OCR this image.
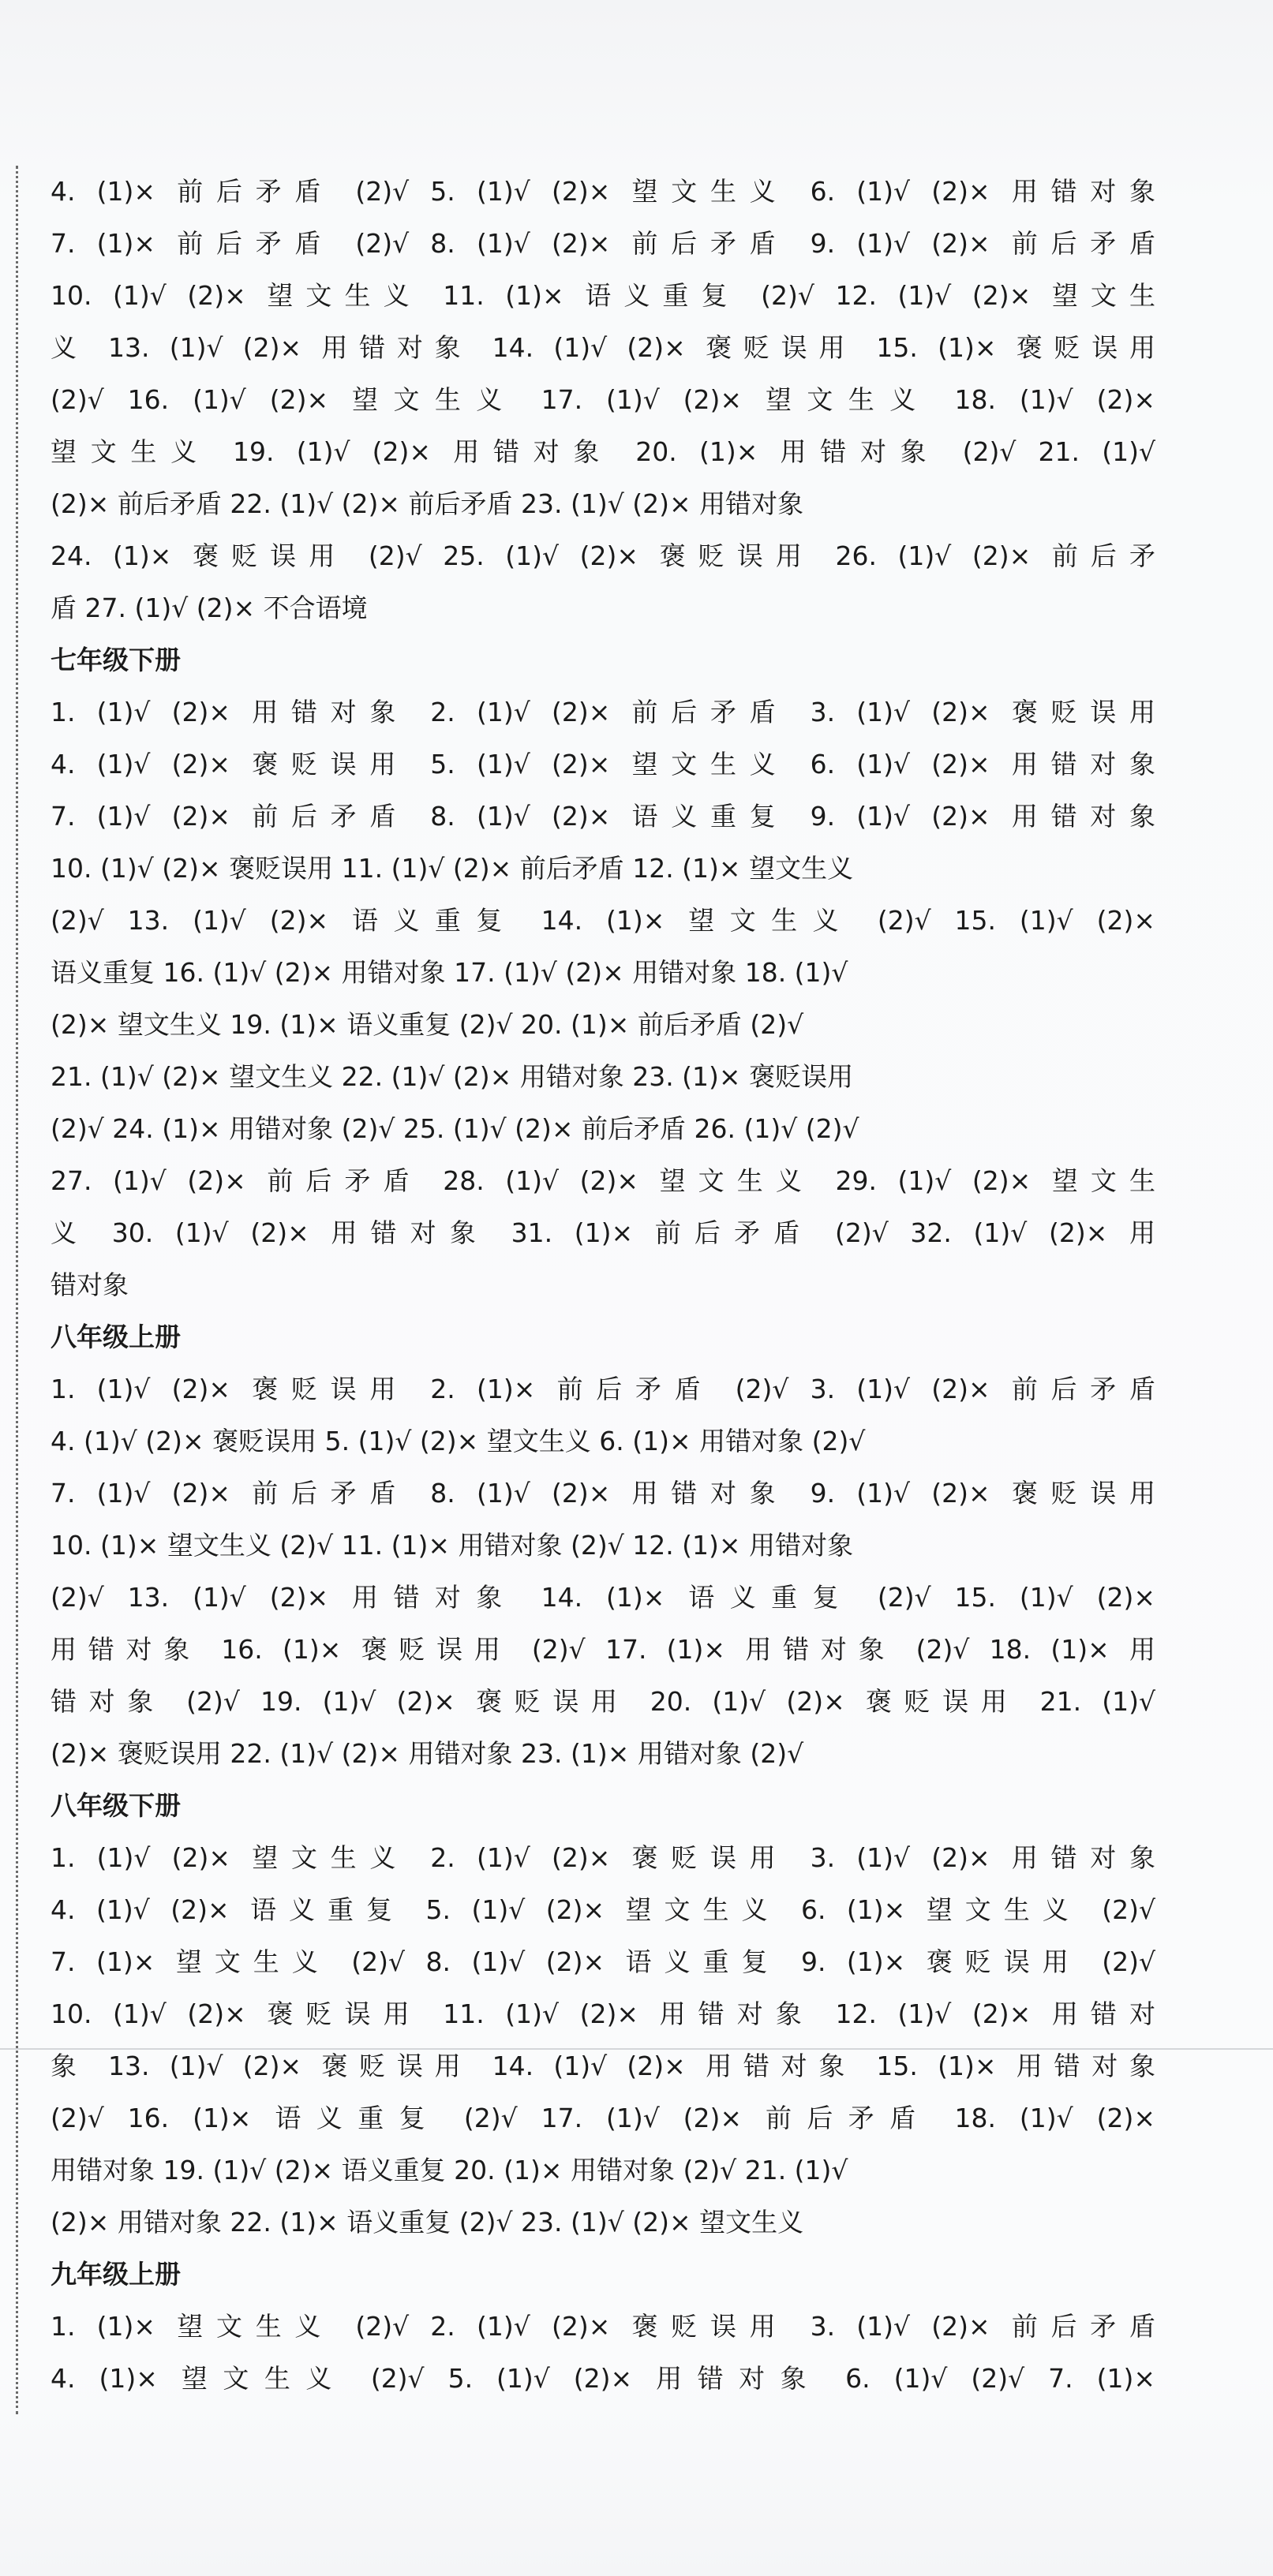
4. (1)× 前后矛盾 (2)√ 5. (1)√ (2)× 望文生义 6. (1)√ (2)× 用错对象
7. (1)× 前后矛盾 (2)√ 8. (1)√ (2)× 前后矛盾 9. (1)√ (2)× 前后矛盾
10. (1)√ (2)× 望文生义 11. (1)× 语义重复 (2)√ 12. (1)√ (2)× 望文生
义 13. (1)√ (2)× 用错对象 14. (1)√ (2)× 褒贬误用 15. (1)× 褒贬误用
(2)√ 16. (1)√ (2)× 望文生义 17. (1)√ (2)× 望文生义 18. (1)√ (2)×
望文生义 19. (1)√ (2)× 用错对象 20. (1)× 用错对象 (2)√ 21. (1)√
(2)× 前后矛盾 22. (1)√ (2)× 前后矛盾 23. (1)√ (2)× 用错对象
24. (1)× 褒贬误用 (2)√ 25. (1)√ (2)× 褒贬误用 26. (1)√ (2)× 前后矛
盾 27. (1)√ (2)× 不合语境
七年级下册
1. (1)√ (2)× 用错对象 2. (1)√ (2)× 前后矛盾 3. (1)√ (2)× 褒贬误用
4. (1)√ (2)× 褒贬误用 5. (1)√ (2)× 望文生义 6. (1)√ (2)× 用错对象
7. (1)√ (2)× 前后矛盾 8. (1)√ (2)× 语义重复 9. (1)√ (2)× 用错对象
10. (1)√ (2)× 褒贬误用 11. (1)√ (2)× 前后矛盾 12. (1)× 望文生义
(2)√ 13. (1)√ (2)× 语义重复 14. (1)× 望文生义 (2)√ 15. (1)√ (2)×
语义重复 16. (1)√ (2)× 用错对象 17. (1)√ (2)× 用错对象 18. (1)√
(2)× 望文生义 19. (1)× 语义重复 (2)√ 20. (1)× 前后矛盾 (2)√
21. (1)√ (2)× 望文生义 22. (1)√ (2)× 用错对象 23. (1)× 褒贬误用
(2)√ 24. (1)× 用错对象 (2)√ 25. (1)√ (2)× 前后矛盾 26. (1)√ (2)√
27. (1)√ (2)× 前后矛盾 28. (1)√ (2)× 望文生义 29. (1)√ (2)× 望文生
义 30. (1)√ (2)× 用错对象 31. (1)× 前后矛盾 (2)√ 32. (1)√ (2)× 用
错对象
八年级上册
1. (1)√ (2)× 褒贬误用 2. (1)× 前后矛盾 (2)√ 3. (1)√ (2)× 前后矛盾
4. (1)√ (2)× 褒贬误用 5. (1)√ (2)× 望文生义 6. (1)× 用错对象 (2)√
7. (1)√ (2)× 前后矛盾 8. (1)√ (2)× 用错对象 9. (1)√ (2)× 褒贬误用
10. (1)× 望文生义 (2)√ 11. (1)× 用错对象 (2)√ 12. (1)× 用错对象
(2)√ 13. (1)√ (2)× 用错对象 14. (1)× 语义重复 (2)√ 15. (1)√ (2)×
用错对象 16. (1)× 褒贬误用 (2)√ 17. (1)× 用错对象 (2)√ 18. (1)× 用
错对象 (2)√ 19. (1)√ (2)× 褒贬误用 20. (1)√ (2)× 褒贬误用 21. (1)√
(2)× 褒贬误用 22. (1)√ (2)× 用错对象 23. (1)× 用错对象 (2)√
八年级下册
1. (1)√ (2)× 望文生义 2. (1)√ (2)× 褒贬误用 3. (1)√ (2)× 用错对象
4. (1)√ (2)× 语义重复 5. (1)√ (2)× 望文生义 6. (1)× 望文生义 (2)√
7. (1)× 望文生义 (2)√ 8. (1)√ (2)× 语义重复 9. (1)× 褒贬误用 (2)√
10. (1)√ (2)× 褒贬误用 11. (1)√ (2)× 用错对象 12. (1)√ (2)× 用错对
象 13. (1)√ (2)× 褒贬误用 14. (1)√ (2)× 用错对象 15. (1)× 用错对象
(2)√ 16. (1)× 语义重复 (2)√ 17. (1)√ (2)× 前后矛盾 18. (1)√ (2)×
用错对象 19. (1)√ (2)× 语义重复 20. (1)× 用错对象 (2)√ 21. (1)√
(2)× 用错对象 22. (1)× 语义重复 (2)√ 23. (1)√ (2)× 望文生义
九年级上册
1. (1)× 望文生义 (2)√ 2. (1)√ (2)× 褒贬误用 3. (1)√ (2)× 前后矛盾
4. (1)× 望文生义 (2)√ 5. (1)√ (2)× 用错对象 6. (1)√ (2)√ 7. (1)×
